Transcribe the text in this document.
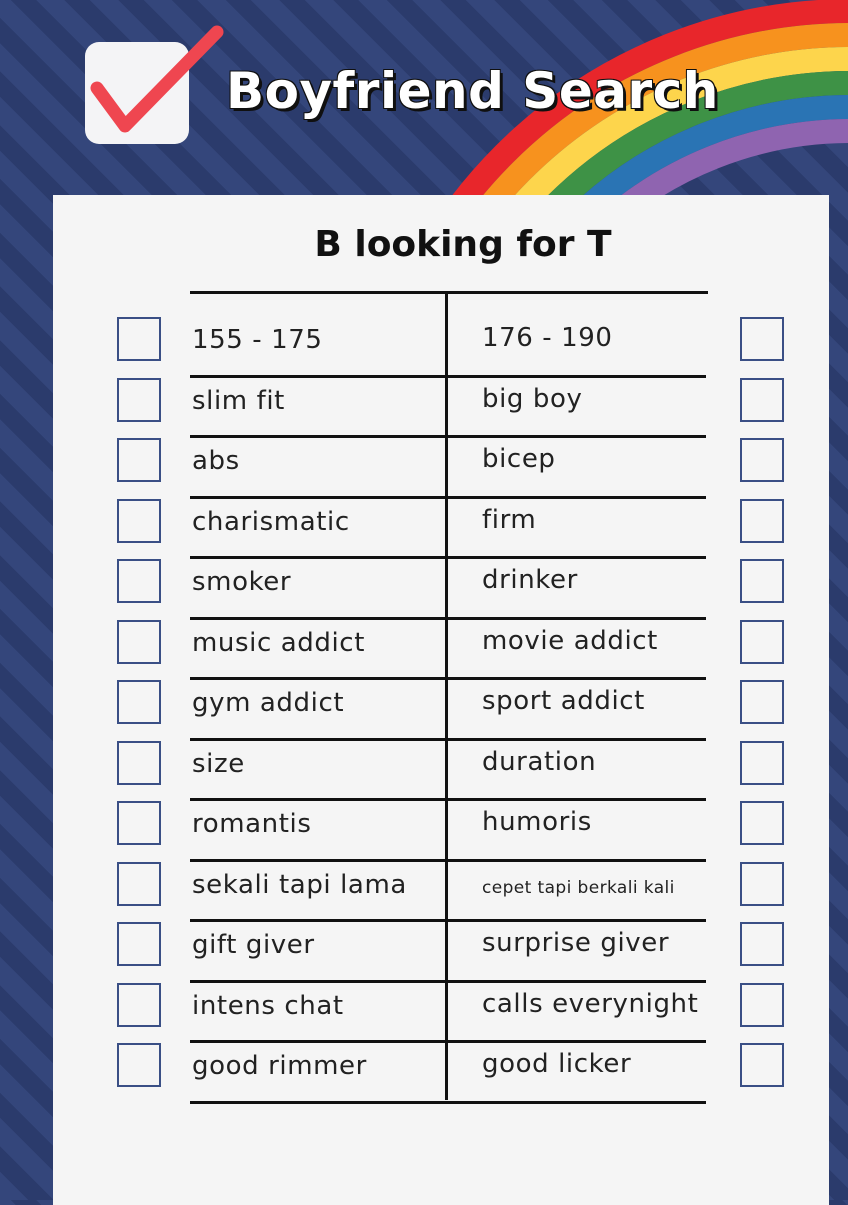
Boyfriend Search
B looking for T
155 - 175	176 - 190
slim fit	big boy
abs	bicep
charismatic	firm
smoker	drinker
music addict	movie addict
gym addict	sport addict
size	duration
romantis	humoris
sekali tapi lama	cepet tapi berkali kali
gift giver	surprise giver
intens chat	calls everynight
good rimmer	good licker
